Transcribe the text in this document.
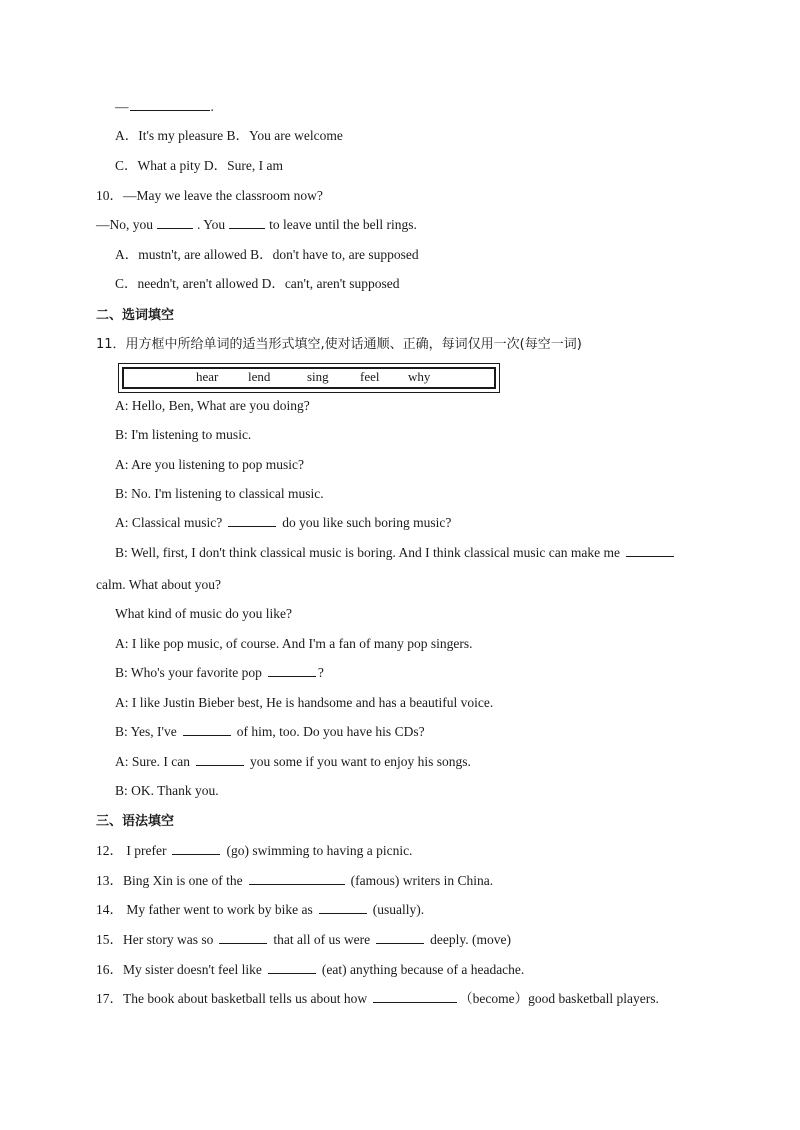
—	.
A．It's my pleasure B．You are welcome
C．What a pity D．Sure, I am
10．—May we leave the classroom now?
—No, you	. You	to leave until the bell rings.
A．mustn't, are allowed B．don't have to, are supposed
C．needn't, aren't allowed D．can't, aren't supposed
二、选词填空
11．用方框中所给单词的适当形式填空,使对话通顺、正确，每词仅用一次(每空一词)
hear lend	sing feel why
A: Hello, Ben, What are you doing?
B: I'm listening to music.
A: Are you listening to pop music?
B: No. I'm listening to classical music.
A: Classical music?	do you like such boring music?
B: Well, first, I don't think classical music is boring. And I think classical music can make me
calm. What about you?
What kind of music do you like?
A: I like pop music, of course. And I'm a fan of many pop singers.
B: Who's your favorite pop	?
A: I like Justin Bieber best, He is handsome and has a beautiful voice.
B: Yes, I've	of him, too. Do you have his CDs?
A: Sure. I can	you some if you want to enjoy his songs.
B: OK. Thank you.
三、语法填空
12． I prefer	(go) swimming to having a picnic.
13．Bing Xin is one of the	(famous) writers in China.
14． My father went to work by bike as	(usually).
15．Her story was so	that all of us were	deeply. (move)
16．My sister doesn't feel like	(eat) anything because of a headache.
17．The book about basketball tells us about how	（become）good basketball players.
